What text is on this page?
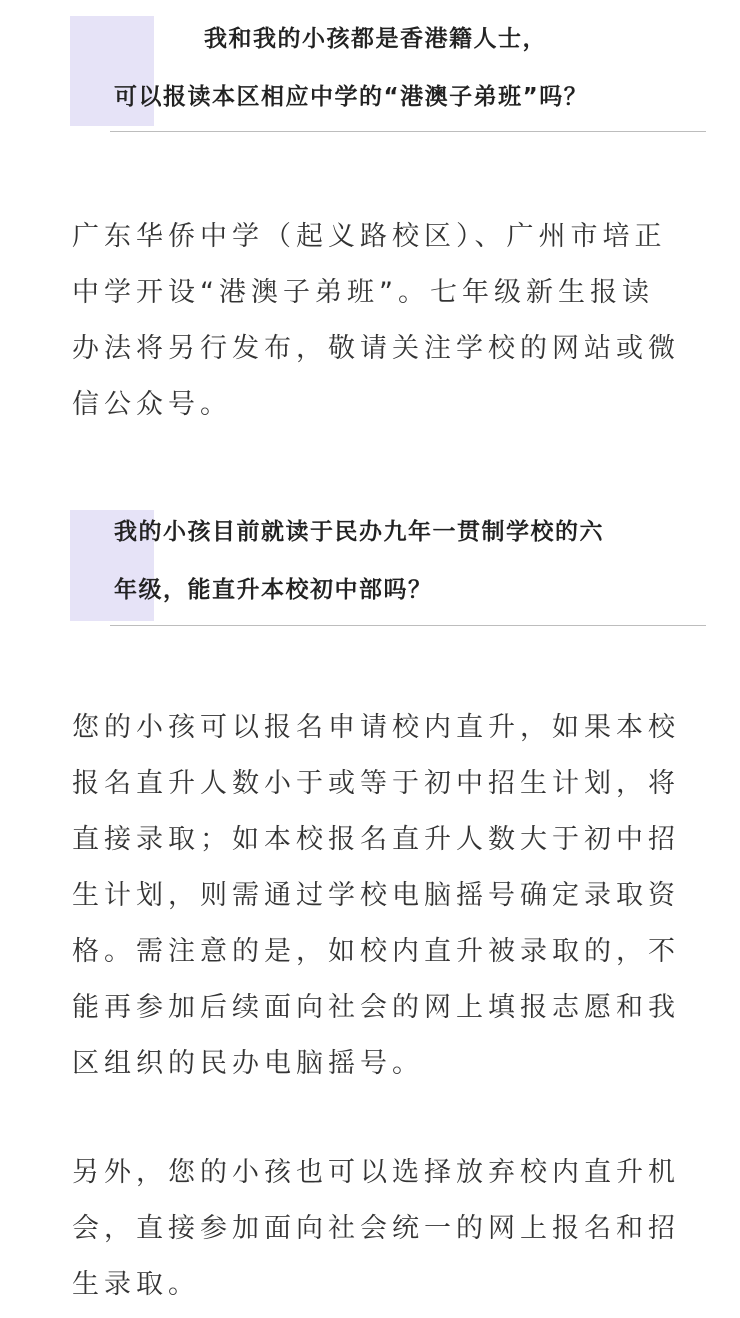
我和我的小孩都是香港籍人士，
可以报读本区相应中学的“港澳子弟班”吗？
广东华侨中学（起义路校区）、广州市培正
中学开设“港澳子弟班”。七年级新生报读
办法将另行发布，敬请关注学校的网站或微
信公众号。
我的小孩目前就读于民办九年一贯制学校的六
年级，能直升本校初中部吗？
您的小孩可以报名申请校内直升，如果本校
报名直升人数小于或等于初中招生计划，将
直接录取；如本校报名直升人数大于初中招
生计划，则需通过学校电脑摇号确定录取资
格。需注意的是，如校内直升被录取的，不
能再参加后续面向社会的网上填报志愿和我
区组织的民办电脑摇号。
另外，您的小孩也可以选择放弃校内直升机
会，直接参加面向社会统一的网上报名和招
生录取。
